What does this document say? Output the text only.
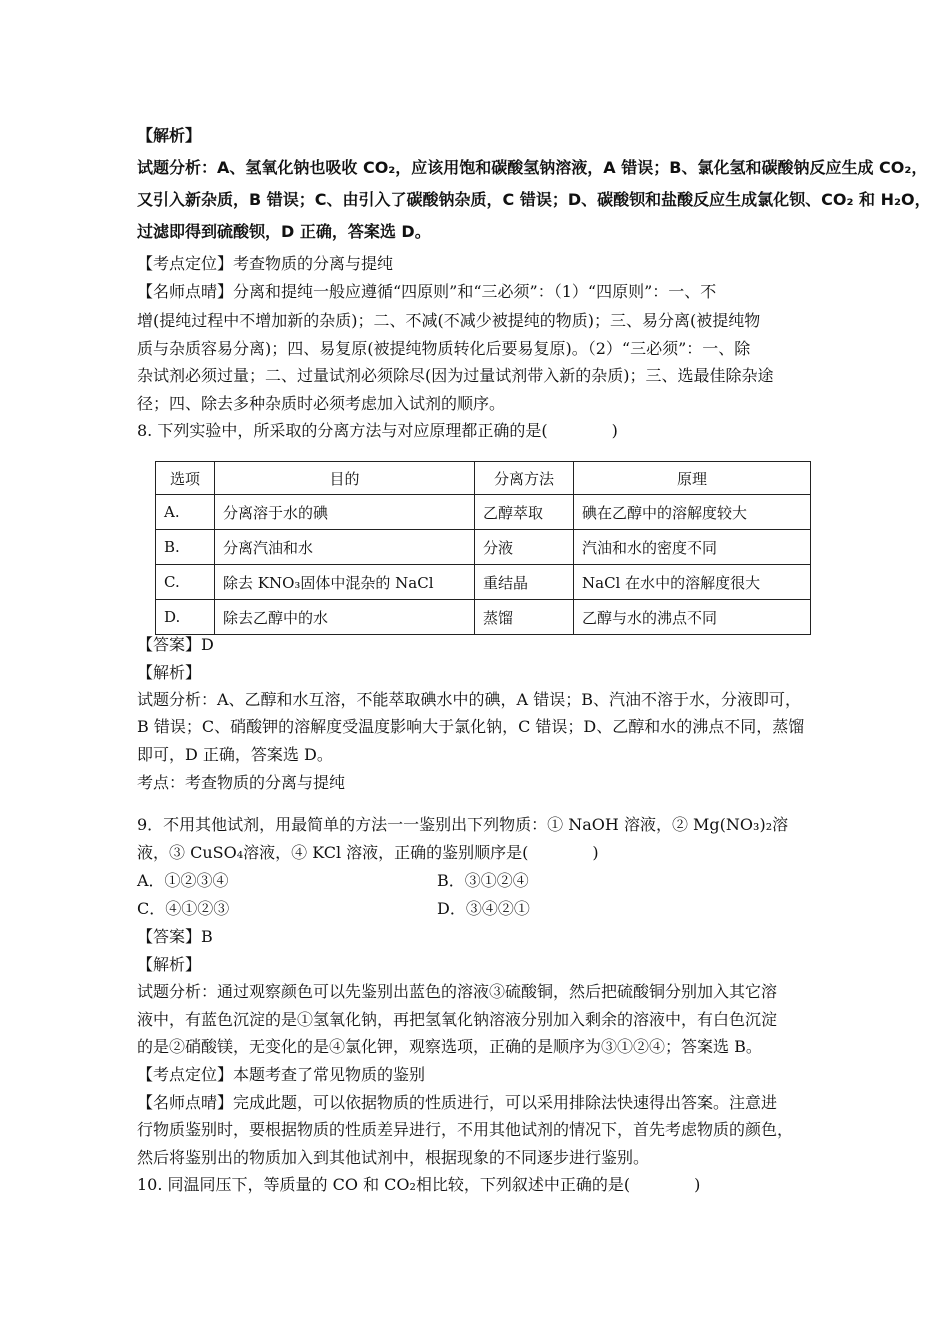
【解析】
试题分析：A、氢氧化钠也吸收 CO₂，应该用饱和碳酸氢钠溶液，A 错误；B、氯化氢和碳酸钠反应生成 CO₂，
又引入新杂质，B 错误；C、由引入了碳酸钠杂质，C 错误；D、碳酸钡和盐酸反应生成氯化钡、CO₂ 和 H₂O，
过滤即得到硫酸钡，D 正确，答案选 D。
【考点定位】考查物质的分离与提纯
【名师点晴】分离和提纯一般应遵循“四原则”和“三必须”：（1）“四原则”：一、不
增(提纯过程中不增加新的杂质)；二、不减(不减少被提纯的物质)；三、易分离(被提纯物
质与杂质容易分离)；四、易复原(被提纯物质转化后要易复原)。（2）“三必须”：一、除
杂试剂必须过量；二、过量试剂必须除尽(因为过量试剂带入新的杂质)；三、选最佳除杂途
径；四、除去多种杂质时必须考虑加入试剂的顺序。
8. 下列实验中，所采取的分离方法与对应原理都正确的是(　　　　)
选项	目的	分离方法	原理
A.	分离溶于水的碘	乙醇萃取	碘在乙醇中的溶解度较大
B.	分离汽油和水	分液	汽油和水的密度不同
C.	除去 KNO₃固体中混杂的 NaCl	重结晶	NaCl 在水中的溶解度很大
D.	除去乙醇中的水	蒸馏	乙醇与水的沸点不同
【答案】D
【解析】
试题分析：A、乙醇和水互溶，不能萃取碘水中的碘，A 错误；B、汽油不溶于水，分液即可，
B 错误；C、硝酸钾的溶解度受温度影响大于氯化钠，C 错误；D、乙醇和水的沸点不同，蒸馏
即可，D 正确，答案选 D。
考点：考查物质的分离与提纯
9．不用其他试剂，用最简单的方法一一鉴别出下列物质：① NaOH 溶液，② Mg(NO₃)₂溶
液，③ CuSO₄溶液，④ KCl 溶液，正确的鉴别顺序是(　　　　)
A．①②③④	B．③①②④
C．④①②③	D．③④②①
【答案】B
【解析】
试题分析：通过观察颜色可以先鉴别出蓝色的溶液③硫酸铜，然后把硫酸铜分别加入其它溶
液中，有蓝色沉淀的是①氢氧化钠，再把氢氧化钠溶液分别加入剩余的溶液中，有白色沉淀
的是②硝酸镁，无变化的是④氯化钾，观察选项，正确的是顺序为③①②④；答案选 B。
【考点定位】本题考查了常见物质的鉴别
【名师点晴】完成此题，可以依据物质的性质进行，可以采用排除法快速得出答案。注意进
行物质鉴别时，要根据物质的性质差异进行，不用其他试剂的情况下，首先考虑物质的颜色，
然后将鉴别出的物质加入到其他试剂中，根据现象的不同逐步进行鉴别。
10. 同温同压下，等质量的 CO 和 CO₂相比较，下列叙述中正确的是(　　　　)
